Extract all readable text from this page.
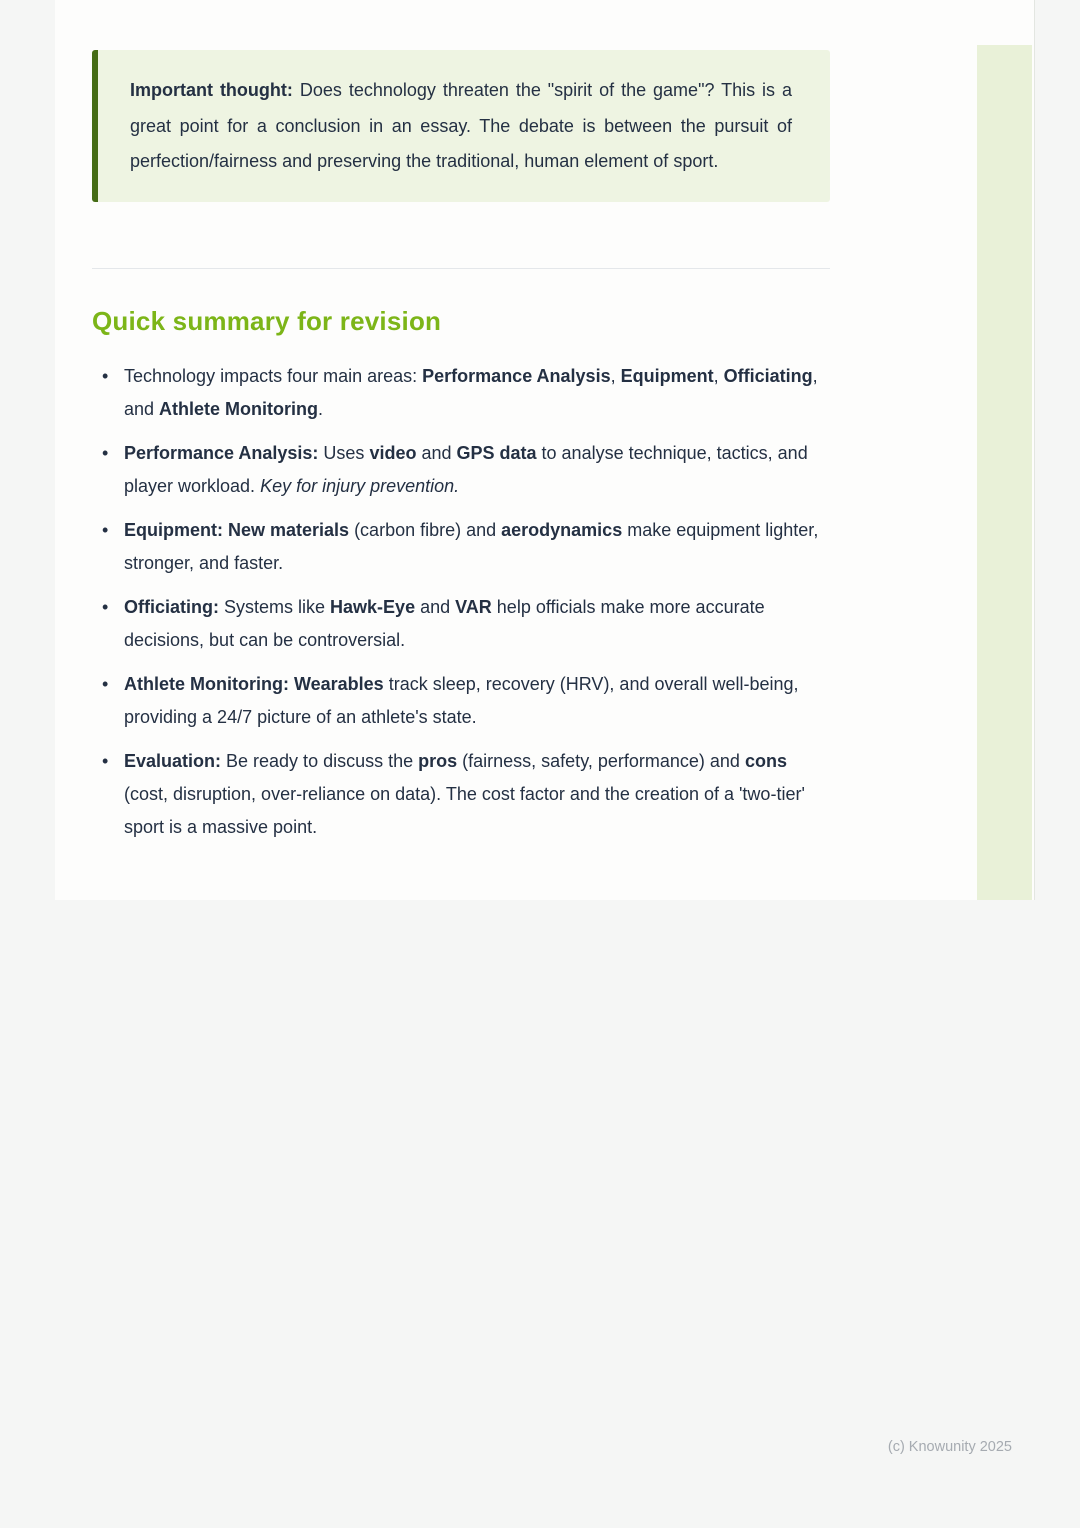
Important thought: Does technology threaten the "spirit of the game"? This is a great point for a conclusion in an essay. The debate is between the pursuit of perfection/fairness and preserving the traditional, human element of sport.
Quick summary for revision
• Technology impacts four main areas: Performance Analysis, Equipment, Officiating, and Athlete Monitoring.
• Performance Analysis: Uses video and GPS data to analyse technique, tactics, and player workload. Key for injury prevention.
• Equipment: New materials (carbon fibre) and aerodynamics make equipment lighter, stronger, and faster.
• Officiating: Systems like Hawk-Eye and VAR help officials make more accurate decisions, but can be controversial.
• Athlete Monitoring: Wearables track sleep, recovery (HRV), and overall well-being, providing a 24/7 picture of an athlete's state.
• Evaluation: Be ready to discuss the pros (fairness, safety, performance) and cons (cost, disruption, over-reliance on data). The cost factor and the creation of a 'two-tier' sport is a massive point.
(c) Knowunity 2025
